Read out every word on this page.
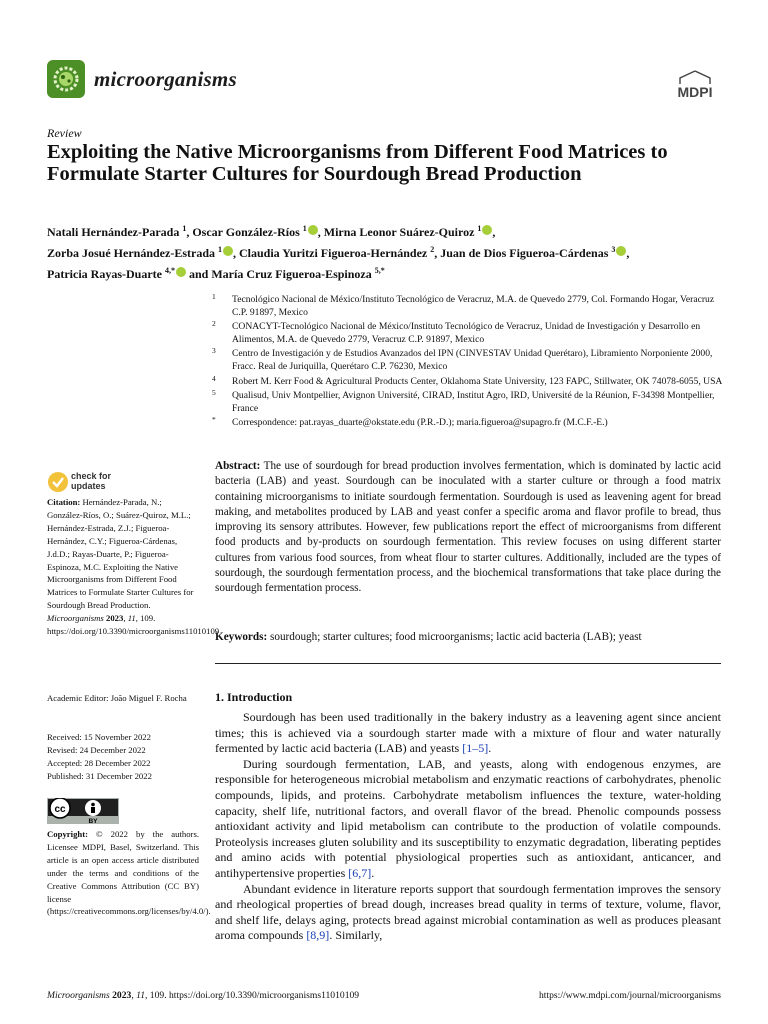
microorganisms
MDPI
Review
Exploiting the Native Microorganisms from Different Food Matrices to Formulate Starter Cultures for Sourdough Bread Production
Natali Hernández-Parada $^1$, Oscar González-Ríos $^1$ , Mirna Leonor Suárez-Quiroz $^1$ ,
Zorba Josué Hernández-Estrada $^1$ , Claudia Yuritzi Figueroa-Hernández $^2$, Juan de Dios Figueroa-Cárdenas $^3$ ,
Patricia Rayas-Duarte $^{4,*}$ and María Cruz Figueroa-Espinoza $^{5,*}$
1 Tecnológico Nacional de México/Instituto Tecnológico de Veracruz, M.A. de Quevedo 2779, Col. Formando Hogar, Veracruz C.P. 91897, Mexico
2 CONACYT-Tecnológico Nacional de México/Instituto Tecnológico de Veracruz, Unidad de Investigación y Desarrollo en Alimentos, M.A. de Quevedo 2779, Veracruz C.P. 91897, Mexico
3 Centro de Investigación y de Estudios Avanzados del IPN (CINVESTAV Unidad Querétaro), Libramiento Norponiente 2000, Fracc. Real de Juriquilla, Querétaro C.P. 76230, Mexico
4 Robert M. Kerr Food & Agricultural Products Center, Oklahoma State University, 123 FAPC, Stillwater, OK 74078-6055, USA
5 Qualisud, Univ Montpellier, Avignon Université, CIRAD, Institut Agro, IRD, Université de la Réunion, F-34398 Montpellier, France
* Correspondence: pat.rayas_duarte@okstate.edu (P.R.-D.); maria.figueroa@supagro.fr (M.C.F.-E.)
check for
updates
Citation: Hernández-Parada, N.; González-Ríos, O.; Suárez-Quiroz, M.L.; Hernández-Estrada, Z.J.; Figueroa-Hernández, C.Y.; Figueroa-Cárdenas, J.d.D.; Rayas-Duarte, P.; Figueroa-Espinoza, M.C. Exploiting the Native Microorganisms from Different Food Matrices to Formulate Starter Cultures for Sourdough Bread Production. Microorganisms 2023, 11, 109. https://doi.org/10.3390/microorganisms11010109
Academic Editor: João Miguel F. Rocha
Received: 15 November 2022
Revised: 24 December 2022
Accepted: 28 December 2022
Published: 31 December 2022
cc
BY
Copyright: © 2022 by the authors. Licensee MDPI, Basel, Switzerland. This article is an open access article distributed under the terms and conditions of the Creative Commons Attribution (CC BY) license (https://creativecommons.org/licenses/by/4.0/).
Abstract: The use of sourdough for bread production involves fermentation, which is dominated by lactic acid bacteria (LAB) and yeast. Sourdough can be inoculated with a starter culture or through a food matrix containing microorganisms to initiate sourdough fermentation. Sourdough is used as leavening agent for bread making, and metabolites produced by LAB and yeast confer a specific aroma and flavor profile to bread, thus improving its sensory attributes. However, few publications report the effect of microorganisms from different food products and by-products on sourdough fermentation. This review focuses on using different starter cultures from various food sources, from wheat flour to starter cultures. Additionally, included are the types of sourdough, the sourdough fermentation process, and the biochemical transformations that take place during the sourdough fermentation process.
Keywords: sourdough; starter cultures; food microorganisms; lactic acid bacteria (LAB); yeast
1. Introduction

Sourdough has been used traditionally in the bakery industry as a leavening agent since ancient times; this is achieved via a sourdough starter made with a mixture of flour and water naturally fermented by lactic acid bacteria (LAB) and yeasts [1–5].

During sourdough fermentation, LAB, and yeasts, along with endogenous enzymes, are responsible for heterogeneous microbial metabolism and enzymatic reactions of carbohydrates, phenolic compounds, lipids, and proteins. Carbohydrate metabolism influences the texture, water-holding capacity, shelf life, nutritional factors, and overall flavor of the bread. Phenolic compounds possess antioxidant activity and lipid metabolism can contribute to the production of volatile compounds. Proteolysis increases gluten solubility and its susceptibility to enzymatic degradation, liberating peptides and amino acids with potential physiological properties such as antioxidant, anticancer, and antihypertensive properties [6,7].

Abundant evidence in literature reports support that sourdough fermentation improves the sensory and rheological properties of bread dough, increases bread quality in terms of texture, volume, flavor, and shelf life, delays aging, protects bread against microbial contamination as well as produces pleasant aroma compounds [8,9]. Similarly,

Microorganisms 2023, 11, 109. https://doi.org/10.3390/microorganisms11010109	https://www.mdpi.com/journal/microorganisms
